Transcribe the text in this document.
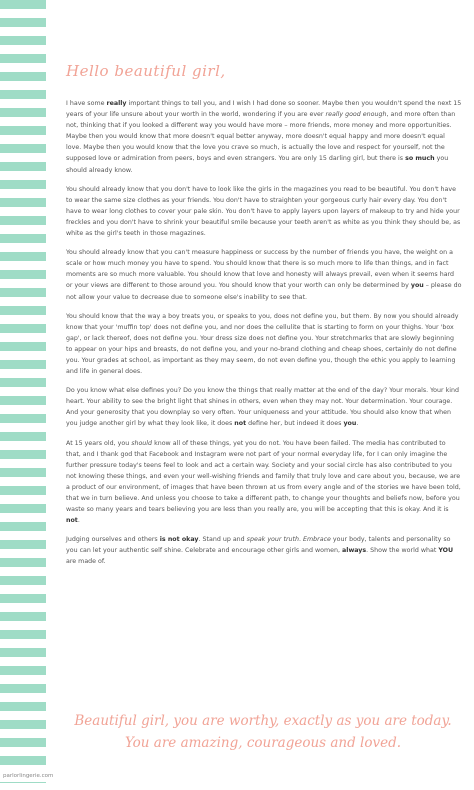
Hello beautiful girl,

I have some really important things to tell you, and I wish I had done so sooner. Maybe then you wouldn't spend the next 15 years of your life unsure about your worth in the world, wondering if you are ever really good enough, and more often than not, thinking that if you looked a different way you would have more – more friends, more money and more opportunities. Maybe then you would know that more doesn't equal better anyway, more doesn't equal happy and more doesn't equal love. Maybe then you would know that the love you crave so much, is actually the love and respect for yourself, not the supposed love or admiration from peers, boys and even strangers. You are only 15 darling girl, but there is so much you should already know.

You should already know that you don't have to look like the girls in the magazines you read to be beautiful. You don't have to wear the same size clothes as your friends. You don't have to straighten your gorgeous curly hair every day. You don't have to wear long clothes to cover your pale skin. You don't have to apply layers upon layers of makeup to try and hide your freckles and you don't have to shrink your beautiful smile because your teeth aren't as white as you think they should be, as white as the girl's teeth in those magazines.

You should already know that you can't measure happiness or success by the number of friends you have, the weight on a scale or how much money you have to spend. You should know that there is so much more to life than things, and in fact moments are so much more valuable. You should know that love and honesty will always prevail, even when it seems hard or your views are different to those around you. You should know that your worth can only be determined by you – please do not allow your value to decrease due to someone else's inability to see that.

You should know that the way a boy treats you, or speaks to you, does not define you, but them. By now you should already know that your 'muffin top' does not define you, and nor does the cellulite that is starting to form on your thighs. Your 'box gap', or lack thereof, does not define you. Your dress size does not define you. Your stretchmarks that are slowly beginning to appear on your hips and breasts, do not define you, and your no-brand clothing and cheap shoes, certainly do not define you. Your grades at school, as important as they may seem, do not even define you, though the ethic you apply to learning and life in general does.

Do you know what else defines you? Do you know the things that really matter at the end of the day? Your morals. Your kind heart. Your ability to see the bright light that shines in others, even when they may not. Your determination. Your courage. And your generosity that you downplay so very often. Your uniqueness and your attitude. You should also know that when you judge another girl by what they look like, it does not define her, but indeed it does you.

At 15 years old, you should know all of these things, yet you do not. You have been failed. The media has contributed to that, and I thank god that Facebook and Instagram were not part of your normal everyday life, for I can only imagine the further pressure today's teens feel to look and act a certain way. Society and your social circle has also contributed to you not knowing these things, and even your well-wishing friends and family that truly love and care about you, because, we are a product of our environment, of images that have been thrown at us from every angle and of the stories we have been told, that we in turn believe. And unless you choose to take a different path, to change your thoughts and beliefs now, before you waste so many years and tears believing you are less than you really are, you will be accepting that this is okay. And it is not.

Judging ourselves and others is not okay. Stand up and speak your truth. Embrace your body, talents and personality so you can let your authentic self shine. Celebrate and encourage other girls and women, always. Show the world what YOU are made of.

Beautiful girl, you are worthy, exactly as you are today.
You are amazing, courageous and loved.
parlorlingerie.com
